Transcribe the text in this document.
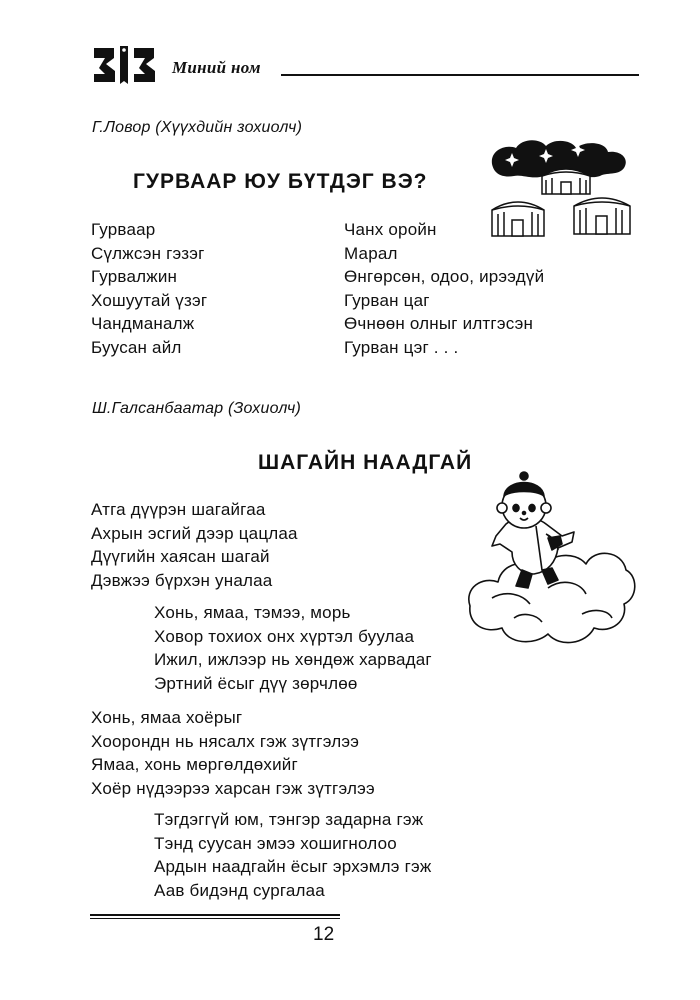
Миний ном
Г.Ловор (Хүүхдийн зохиолч)
ГУРВААР ЮУ БҮТДЭГ ВЭ?
Гурваар
Сүлжсэн гэзэг
Гурвалжин
Хошуутай үзэг
Чандманалж
Буусан айл
Чанх оройн
Марал
Өнгөрсөн, одоо, ирээдүй
Гурван цаг
Өчнөөн олныг илтгэсэн
Гурван цэг . . .
Ш.Галсанбаатар (Зохиолч)
ШАГАЙН НААДГАЙ
Атга дүүрэн шагайгаа
Ахрын эсгий дээр цацлаа
Дүүгийн хаясан шагай
Дэвжээ бүрхэн уналаа
Хонь, ямаа, тэмээ, морь
Ховор тохиох онх хүртэл буулаа
Ижил, ижлээр нь хөндөж харвадаг
Эртний ёсыг дүү зөрчлөө
Хонь, ямаа хоёрыг
Хоорондн нь нясалх гэж зүтгэлээ
Ямаа, хонь мөргөлдөхийг
Хоёр нүдээрээ харсан гэж зүтгэлээ
Тэгдэггүй юм, тэнгэр задарна гэж
Тэнд суусан эмээ хошигнолоо
Ардын наадгайн ёсыг эрхэмлэ гэж
Аав бидэнд сургалаа
12
